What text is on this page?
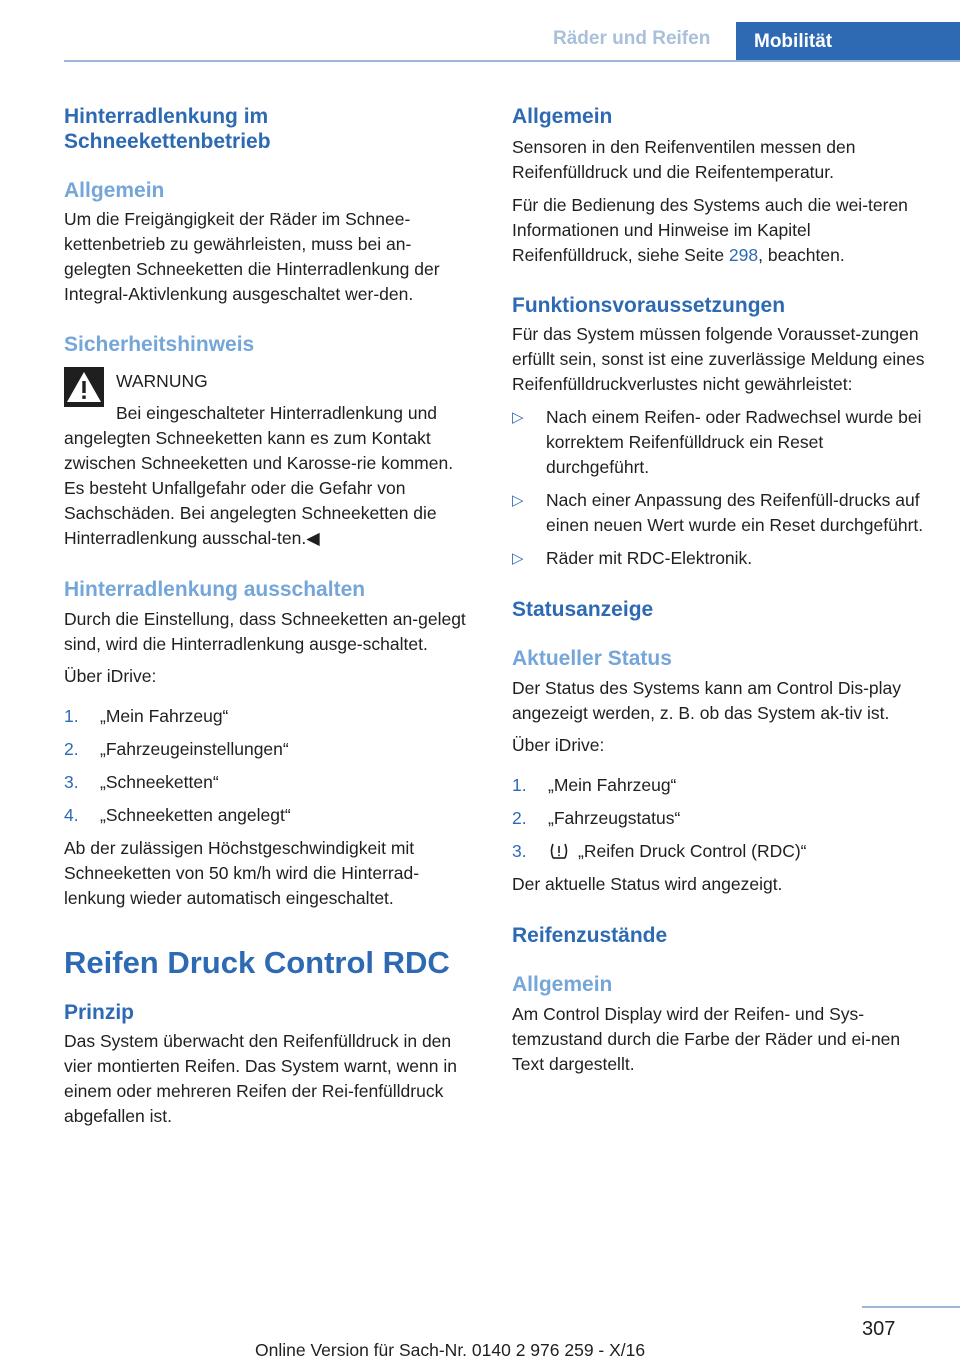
Räder und Reifen	Mobilität
Hinterradlenkung im Schneekettenbetrieb
Allgemein

Um die Freigängigkeit der Räder im Schnee-kettenbetrieb zu gewährleisten, muss bei an-gelegten Schneeketten die Hinterradlenkung der Integral-Aktivlenkung ausgeschaltet wer-den.

Sicherheitshinweis
WARNUNG

Bei eingeschalteter Hinterradlenkung und angelegten Schneeketten kann es zum Kontakt zwischen Schneeketten und Karosse-rie kommen. Es besteht Unfallgefahr oder die Gefahr von Sachschäden. Bei angelegten Schneeketten die Hinterradlenkung ausschal-ten.◀

Hinterradlenkung ausschalten

Durch die Einstellung, dass Schneeketten an-gelegt sind, wird die Hinterradlenkung ausge-schaltet.

Über iDrive:

1. „Mein Fahrzeug“
2. „Fahrzeugeinstellungen“
3. „Schneeketten“
4. „Schneeketten angelegt“

Ab der zulässigen Höchstgeschwindigkeit mit Schneeketten von 50 km/h wird die Hinterrad-lenkung wieder automatisch eingeschaltet.

Reifen Druck Control RDC
Prinzip

Das System überwacht den Reifenfülldruck in den vier montierten Reifen. Das System warnt, wenn in einem oder mehreren Reifen der Rei-fenfülldruck abgefallen ist.

Allgemein

Sensoren in den Reifenventilen messen den Reifenfülldruck und die Reifentemperatur.

Für die Bedienung des Systems auch die wei-teren Informationen und Hinweise im Kapitel Reifenfülldruck, siehe Seite 298, beachten.

Funktionsvoraussetzungen

Für das System müssen folgende Vorausset-zungen erfüllt sein, sonst ist eine zuverlässige Meldung eines Reifenfülldruckverlustes nicht gewährleistet:

▷ Nach einem Reifen- oder Radwechsel wurde bei korrektem Reifenfülldruck ein Reset durchgeführt.
▷ Nach einer Anpassung des Reifenfüll-drucks auf einen neuen Wert wurde ein Reset durchgeführt.
▷ Räder mit RDC-Elektronik.
Statusanzeige
Aktueller Status

Der Status des Systems kann am Control Dis-play angezeigt werden, z. B. ob das System ak-tiv ist.

Über iDrive:

1. „Mein Fahrzeug“
2. „Fahrzeugstatus“
3.	„Reifen Druck Control (RDC)“

Der aktuelle Status wird angezeigt.

Reifenzustände
Allgemein

Am Control Display wird der Reifen- und Sys-temzustand durch die Farbe der Räder und ei-nen Text dargestellt.

307
Online Version für Sach-Nr. 0140 2 976 259 - X/16
